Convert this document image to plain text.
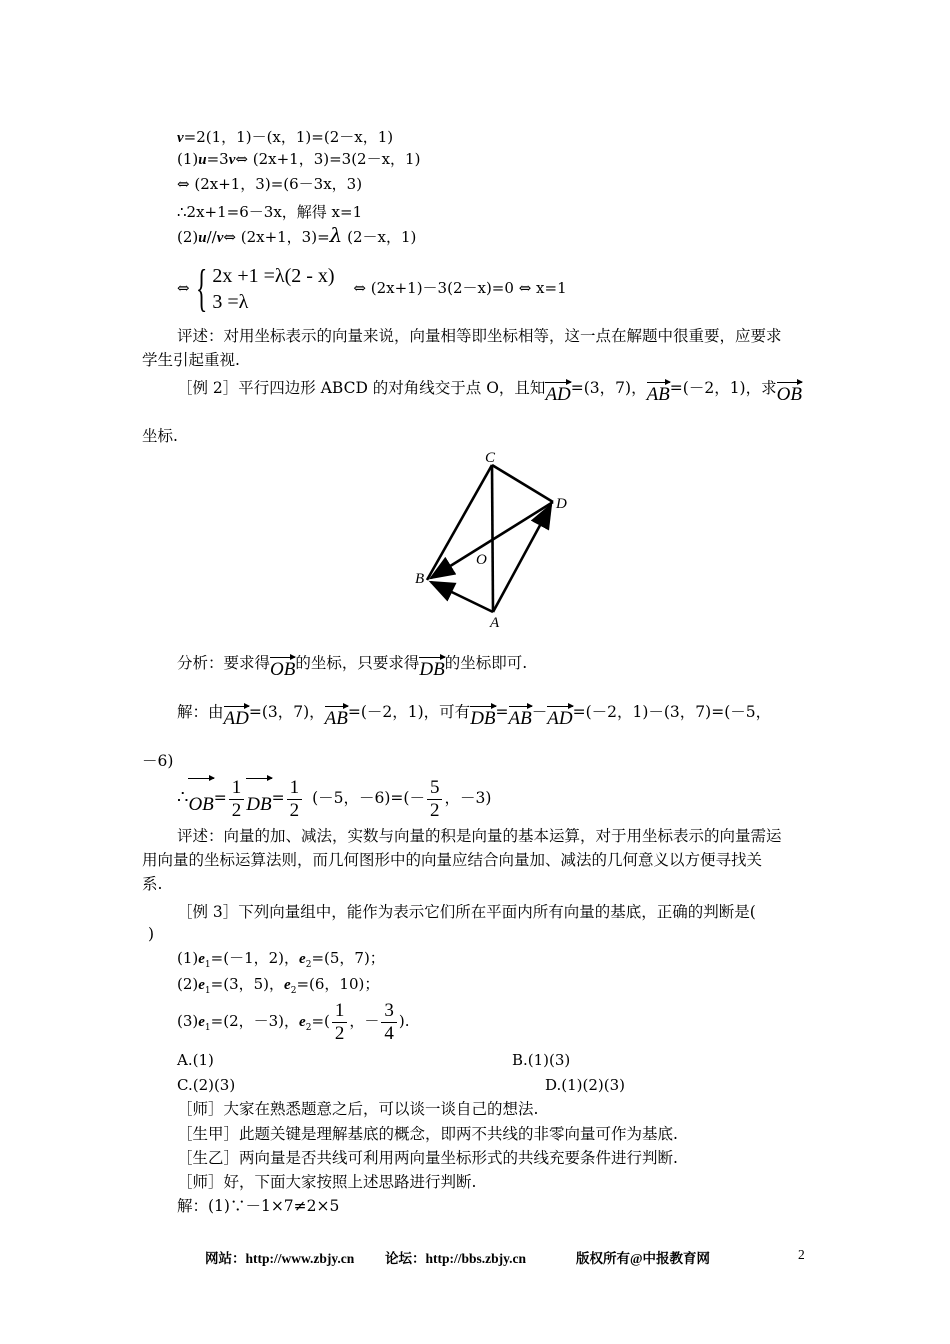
v=2(1，1)－(x，1)=(2－x，1)
(1)u=3v⇔ (2x+1，3)=3(2－x，1)
⇔ (2x+1，3)=(6－3x，3)
∴2x+1=6－3x，解得 x=1
(2)u//v⇔ (2x+1，3)=λ (2－x，1)
⇔ { 2x +1 =λ(2 - x)
3 =λ
⇔ (2x+1)－3(2－x)=0 ⇔ x=1
评述：对用坐标表示的向量来说，向量相等即坐标相等，这一点在解题中很重要，应要求
学生引起重视.
［例 2］平行四边形 ABCD 的对角线交于点 O，且知AD=(3，7)，AB=(－2，1)，求OB
坐标.
C
D
O
B
A
分析：要求得OB的坐标，只要求得DB的坐标即可.
解：由AD=(3，7)，AB=(－2，1)，可有DB=AB－AD=(－2，1)－(3，7)=(－5，
－6)
∴OB= $\frac{1}{2} DB= \frac{1}{2} (-5$，$-6)=(- \frac{5}{2}$ ，－3)
评述：向量的加、减法，实数与向量的积是向量的基本运算，对于用坐标表示的向量需运
用向量的坐标运算法则，而几何图形中的向量应结合向量加、减法的几何意义以方便寻找关
系.
［例 3］下列向量组中，能作为表示它们所在平面内所有向量的基底，正确的判断是(
)
$(1)e_1=(-1$，2)，$e_2=(5$，7)；
$(2)e_1=(3$，5)，$e_2=(6$，10)；
$(3)e_1=(2$，－3)，$e_2=( \frac{1}{2}$ ，－ $\frac{3}{4}$ ).
A.(1)	B.(1)(3)
C.(2)(3)	D.(1)(2)(3)
［师］大家在熟悉题意之后，可以谈一谈自己的想法.
［生甲］此题关键是理解基底的概念，即两不共线的非零向量可作为基底.
［生乙］两向量是否共线可利用两向量坐标形式的共线充要条件进行判断.
［师］好，下面大家按照上述思路进行判断.
解：(1)∵－1×7≠2×5
网站：http://www.zbjy.cn 论坛：http://bbs.zbjy.cn	版权所有@中报教育网	2
